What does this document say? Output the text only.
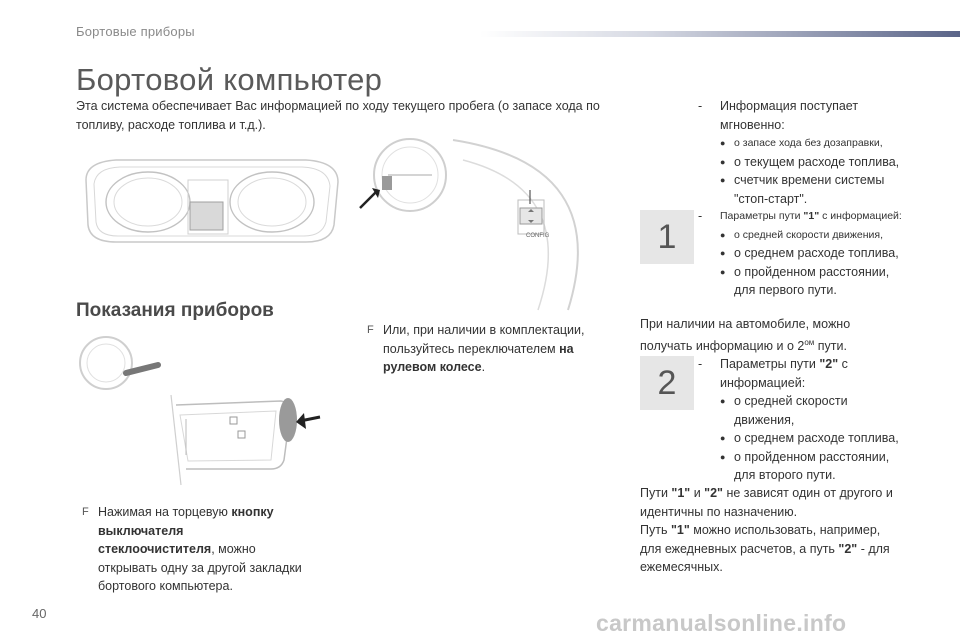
Бортовые приборы
Бортовой компьютер
Эта система обеспечивает Вас информацией по ходу текущего пробега (о запасе хода по топливу, расходе топлива и т.д.).
CONFIG
Показания приборов
F Нажимая на торцевую кнопку выключателя стеклоочистителя, можно открывать одну за другой закладки бортового компьютера.
F Или, при наличии в комплектации, пользуйтесь переключателем на рулевом колесе.
- Информация поступает мгновенно:
● о запасе хода без дозаправки,
● о текущем расходе топлива,
● счетчик времени системы "стоп-старт".
1
- Параметры пути "1" с информацией:
● о средней скорости движения,
● о среднем расходе топлива,
● о пройденном расстоянии, для первого пути.
При наличии на автомобиле, можно получать информацию и о $2^{ом}$ пути.
2 - Параметры пути "2" с информацией:
● о средней скорости движения,
● о среднем расходе топлива,
● о пройденном расстоянии, для второго пути.
Пути "1" и "2" не зависят один от другого и идентичны по назначению.
Путь "1" можно использовать, например, для ежедневных расчетов, а путь "2" - для ежемесячных.
40	carmanualsonline.info
